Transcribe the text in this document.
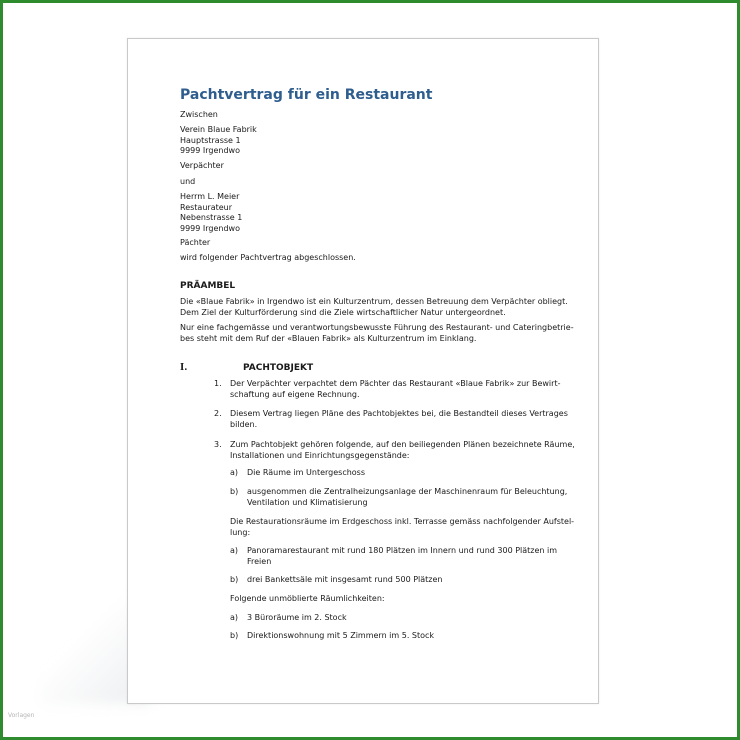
Pachtvertrag für ein Restaurant
Zwischen
Verein Blaue Fabrik
Hauptstrasse 1
9999 Irgendwo
Verpächter
und
Herrm L. Meier
Restaurateur
Nebenstrasse 1
9999 Irgendwo
Pächter
wird folgender Pachtvertrag abgeschlossen.
PRÄAMBEL
Die «Blaue Fabrik» in Irgendwo ist ein Kulturzentrum, dessen Betreuung dem Verpächter obliegt.
Dem Ziel der Kulturförderung sind die Ziele wirtschaftlicher Natur untergeordnet.
Nur eine fachgemässe und verantwortungsbewusste Führung des Restaurant- und Cateringbetrie-
bes steht mit dem Ruf der «Blauen Fabrik» als Kulturzentrum im Einklang.
I.	PACHTOBJEKT
1. Der Verpächter verpachtet dem Pächter das Restaurant «Blaue Fabrik» zur Bewirt-
schaftung auf eigene Rechnung.
2. Diesem Vertrag liegen Pläne des Pachtobjektes bei, die Bestandteil dieses Vertrages
bilden.
3. Zum Pachtobjekt gehören folgende, auf den beiliegenden Plänen bezeichnete Räume,
Installationen und Einrichtungsgegenstände:
a) Die Räume im Untergeschoss
b) ausgenommen die Zentralheizungsanlage der Maschinenraum für Beleuchtung,
Ventilation und Klimatisierung
Die Restaurationsräume im Erdgeschoss inkl. Terrasse gemäss nachfolgender Aufstel-
lung:
a) Panoramarestaurant mit rund 180 Plätzen im Innern und rund 300 Plätzen im
Freien
b) drei Bankettsäle mit insgesamt rund 500 Plätzen
Folgende unmöblierte Räumlichkeiten:
a) 3 Büroräume im 2. Stock
b) Direktionswohnung mit 5 Zimmern im 5. Stock
Vorlagen
